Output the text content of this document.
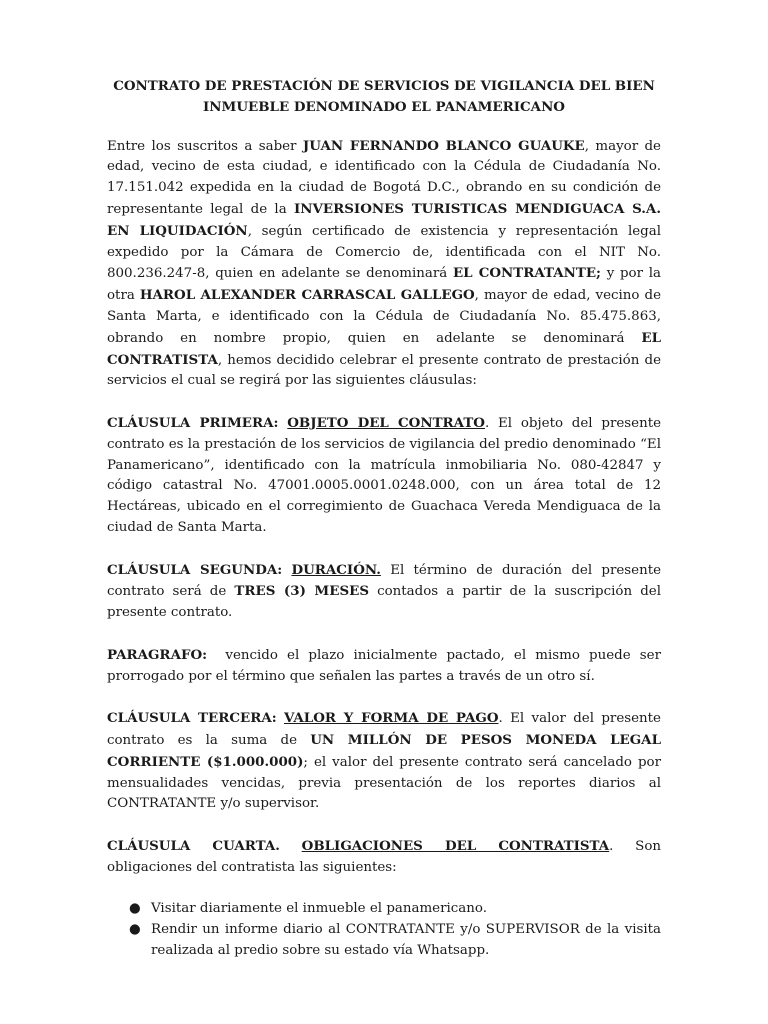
CONTRATO DE PRESTACIÓN DE SERVICIOS DE VIGILANCIA DEL BIEN
INMUEBLE DENOMINADO EL PANAMERICANO

Entre los suscritos a saber JUAN FERNANDO BLANCO GUAUKE, mayor de edad, vecino de esta ciudad, e identificado con la Cédula de Ciudadanía No. 17.151.042 expedida en la ciudad de Bogotá D.C., obrando en su condición de representante legal de la INVERSIONES TURISTICAS MENDIGUACA S.A. EN LIQUIDACIÓN, según certificado de existencia y representación legal expedido por la Cámara de Comercio de, identificada con el NIT No. 800.236.247-8, quien en adelante se denominará EL CONTRATANTE; y por la otra HAROL ALEXANDER CARRASCAL GALLEGO, mayor de edad, vecino de Santa Marta, e identificado con la Cédula de Ciudadanía No. 85.475.863, obrando en nombre propio, quien en adelante se denominará EL CONTRATISTA, hemos decidido celebrar el presente contrato de prestación de servicios el cual se regirá por las siguientes cláusulas:

CLÁUSULA PRIMERA: OBJETO DEL CONTRATO. El objeto del presente contrato es la prestación de los servicios de vigilancia del predio denominado “El Panamericano”, identificado con la matrícula inmobiliaria No. 080-42847 y código catastral No. 47001.0005.0001.0248.000, con un área total de 12 Hectáreas, ubicado en el corregimiento de Guachaca Vereda Mendiguaca de la ciudad de Santa Marta.

CLÁUSULA SEGUNDA: DURACIÓN. El término de duración del presente contrato será de TRES (3) MESES contados a partir de la suscripción del presente contrato.

PARAGRAFO:  vencido el plazo inicialmente pactado, el mismo puede ser prorrogado por el término que señalen las partes a través de un otro sí.

CLÁUSULA TERCERA: VALOR Y FORMA DE PAGO. El valor del presente contrato es la suma de UN MILLÓN DE PESOS MONEDA LEGAL CORRIENTE ($1.000.000); el valor del presente contrato será cancelado por mensualidades vencidas, previa presentación de los reportes diarios al CONTRATANTE y/o supervisor.

CLÁUSULA CUARTA. OBLIGACIONES DEL CONTRATISTA. Son obligaciones del contratista las siguientes:

● Visitar diariamente el inmueble el panamericano.
● Rendir un informe diario al CONTRATANTE y/o SUPERVISOR de la visita realizada al predio sobre su estado vía Whatsapp.
